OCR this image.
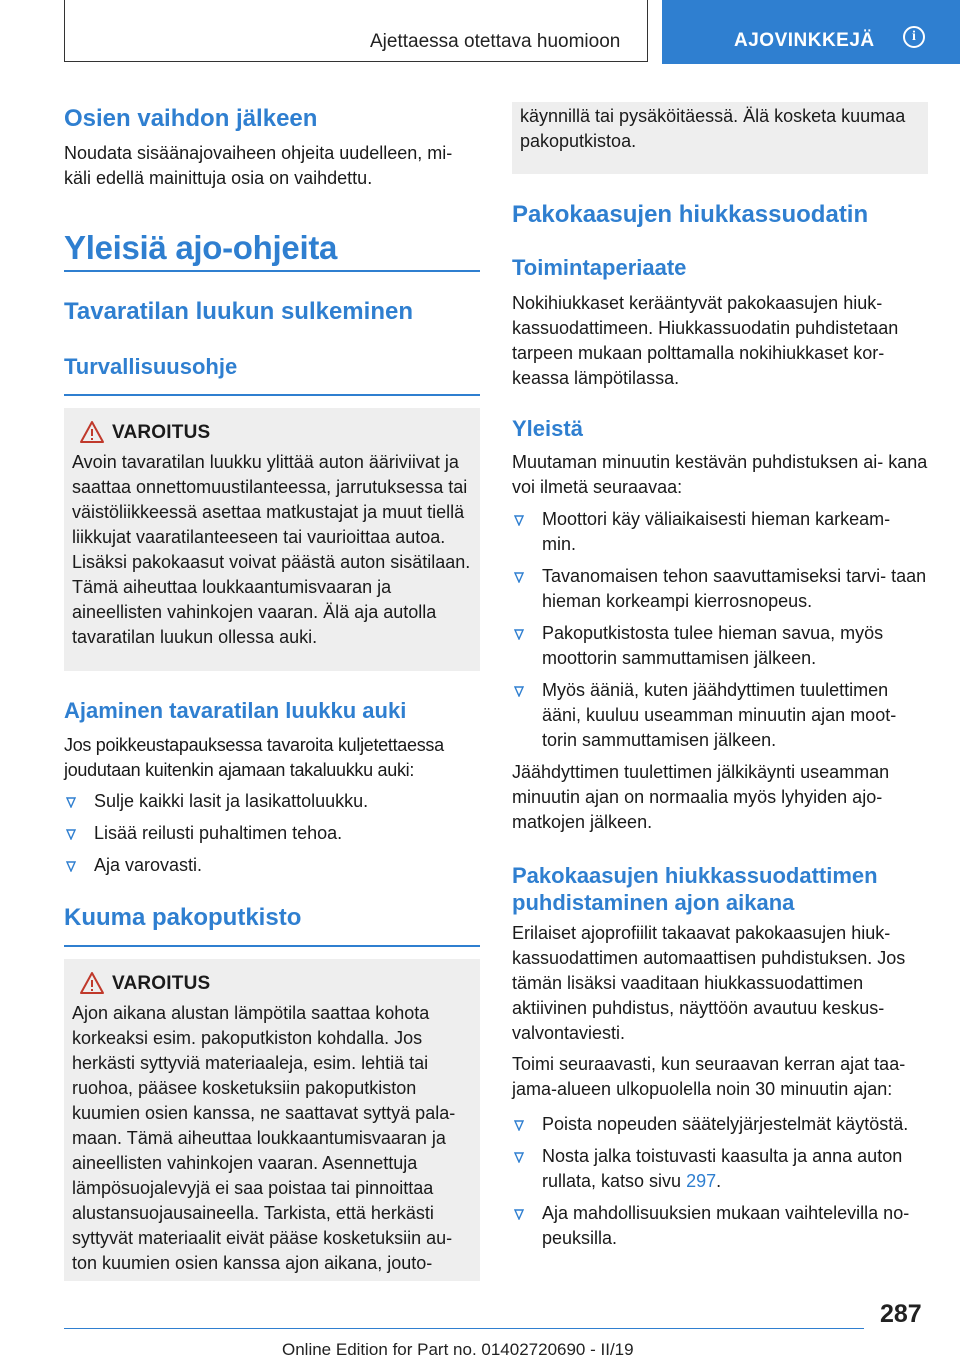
Ajettaessa otettava huomioon	AJOVINKKEJÄ	i
Osien vaihdon jälkeen
Noudata sisäänajovaiheen ohjeita uudelleen, mi‐ käli edellä mainittuja osia on vaihdettu.
Yleisiä ajo-ohjeita
Tavaratilan luukun sulkeminen
Turvallisuusohje
VAROITUS
Avoin tavaratilan luukku ylittää auton ääriviivat ja saattaa onnettomuustilanteessa, jarrutuksessa tai väistöliikkeessä asettaa matkustajat ja muut tiellä liikkujat vaaratilanteeseen tai vaurioittaa autoa. Lisäksi pakokaasut voivat päästä auton sisätilaan. Tämä aiheuttaa loukkaantumisvaaran ja aineellisten vahinkojen vaaran. Älä aja autolla tavaratilan luukun ollessa auki.
Ajaminen tavaratilan luukku auki
Jos poikkeustapauksessa tavaroita kuljetettaessa joudutaan kuitenkin ajamaan takaluukku auki:
Sulje kaikki lasit ja lasikattoluukku.
Lisää reilusti puhaltimen tehoa.
Aja varovasti.
Kuuma pakoputkisto
VAROITUS
Ajon aikana alustan lämpötila saattaa kohota korkeaksi esim. pakoputkiston kohdalla. Jos herkästi syttyviä materiaaleja, esim. lehtiä tai ruohoa, pääsee kosketuksiin pakoputkiston kuumien osien kanssa, ne saattavat syttyä pala‐ maan. Tämä aiheuttaa loukkaantumisvaaran ja aineellisten vahinkojen vaaran. Asennettuja lämpösuojalevyjä ei saa poistaa tai pinnoittaa alustansuojausaineella. Tarkista, että herkästi syttyvät materiaalit eivät pääse kosketuksiin au‐ ton kuumien osien kanssa ajon aikana, jouto‐
käynnillä tai pysäköitäessä. Älä kosketa kuumaa pakoputkistoa.
Pakokaasujen hiukkassuodatin
Toimintaperiaate
Nokihiukkaset kerääntyvät pakokaasujen hiuk‐ kassuodattimeen. Hiukkassuodatin puhdistetaan tarpeen mukaan polttamalla nokihiukkaset kor‐ keassa lämpötilassa.
Yleistä
Muutaman minuutin kestävän puhdistuksen ai‐ kana voi ilmetä seuraavaa:
Moottori käy väliaikaisesti hieman karkeam‐ min.
Tavanomaisen tehon saavuttamiseksi tarvi‐ taan hieman korkeampi kierrosnopeus.
Pakoputkistosta tulee hieman savua, myös moottorin sammuttamisen jälkeen.
Myös ääniä, kuten jäähdyttimen tuulettimen ääni, kuuluu useamman minuutin ajan moot‐ torin sammuttamisen jälkeen.
Jäähdyttimen tuulettimen jälkikäynti useamman minuutin ajan on normaalia myös lyhyiden ajo‐ matkojen jälkeen.
Pakokaasujen hiukkassuodattimen puhdistaminen ajon aikana
Erilaiset ajoprofiilit takaavat pakokaasujen hiuk‐ kassuodattimen automaattisen puhdistuksen. Jos tämän lisäksi vaaditaan hiukkassuodattimen aktiivinen puhdistus, näyttöön avautuu keskus‐ valvontaviesti.
Toimi seuraavasti, kun seuraavan kerran ajat taa‐ jama-alueen ulkopuolella noin 30 minuutin ajan:
Poista nopeuden säätelyjärjestelmät käytöstä.
Nosta jalka toistuvasti kaasulta ja anna auton rullata, katso sivu 297.
Aja mahdollisuuksien mukaan vaihtelevilla no‐ peuksilla.
287
Online Edition for Part no. 01402720690 - II/19
